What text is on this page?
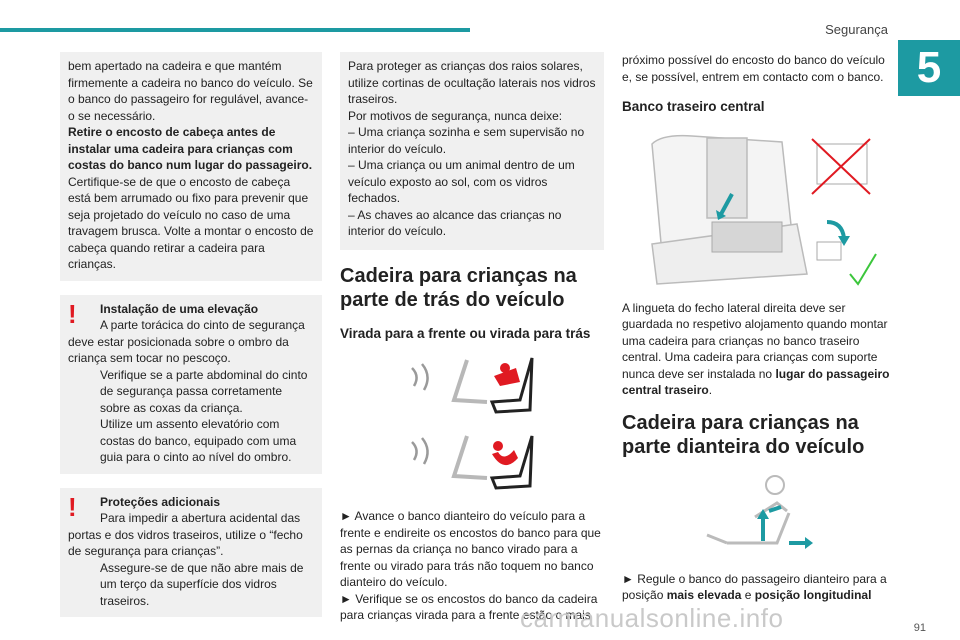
Segurança
5

bem apertado na cadeira e que mantém firmemente a cadeira no banco do veículo. Se o banco do passageiro for regulável, avance-o se necessário.

Retire o encosto de cabeça antes de instalar uma cadeira para crianças com costas do banco num lugar do passageiro.

Certifique-se de que o encosto de cabeça está bem arrumado ou fixo para prevenir que seja projetado do veículo no caso de uma travagem brusca. Volte a montar o encosto de cabeça quando retirar a cadeira para crianças.

! Instalação de uma elevação

A parte torácica do cinto de segurança deve estar posicionada sobre o ombro da criança sem tocar no pescoço.

Verifique se a parte abdominal do cinto de segurança passa corretamente sobre as coxas da criança.

Utilize um assento elevatório com costas do banco, equipado com uma guia para o cinto ao nível do ombro.

! Proteções adicionais

Para impedir a abertura acidental das portas e dos vidros traseiros, utilize o “fecho de segurança para crianças”.

Assegure-se de que não abre mais de um terço da superfície dos vidros traseiros.

Para proteger as crianças dos raios solares, utilize cortinas de ocultação laterais nos vidros traseiros.

Por motivos de segurança, nunca deixe:

– Uma criança sozinha e sem supervisão no interior do veículo.

– Uma criança ou um animal dentro de um veículo exposto ao sol, com os vidros fechados.

– As chaves ao alcance das crianças no interior do veículo.

Cadeira para crianças na parte de trás do veículo
Virada para a frente ou virada para trás

► Avance o banco dianteiro do veículo para a frente e endireite os encostos do banco para que as pernas da criança no banco virado para a frente ou virado para trás não toquem no banco dianteiro do veículo.

► Verifique se os encostos do banco da cadeira para crianças virada para a frente estão o mais

próximo possível do encosto do banco do veículo e, se possível, entrem em contacto com o banco.

Banco traseiro central

A lingueta do fecho lateral direita deve ser guardada no respetivo alojamento quando montar uma cadeira para crianças no banco traseiro central. Uma cadeira para crianças com suporte nunca deve ser instalada no lugar do passageiro central traseiro.

Cadeira para crianças na parte dianteira do veículo

► Regule o banco do passageiro dianteiro para a posição mais elevada e posição longitudinal

carmanualsonline.info	91
